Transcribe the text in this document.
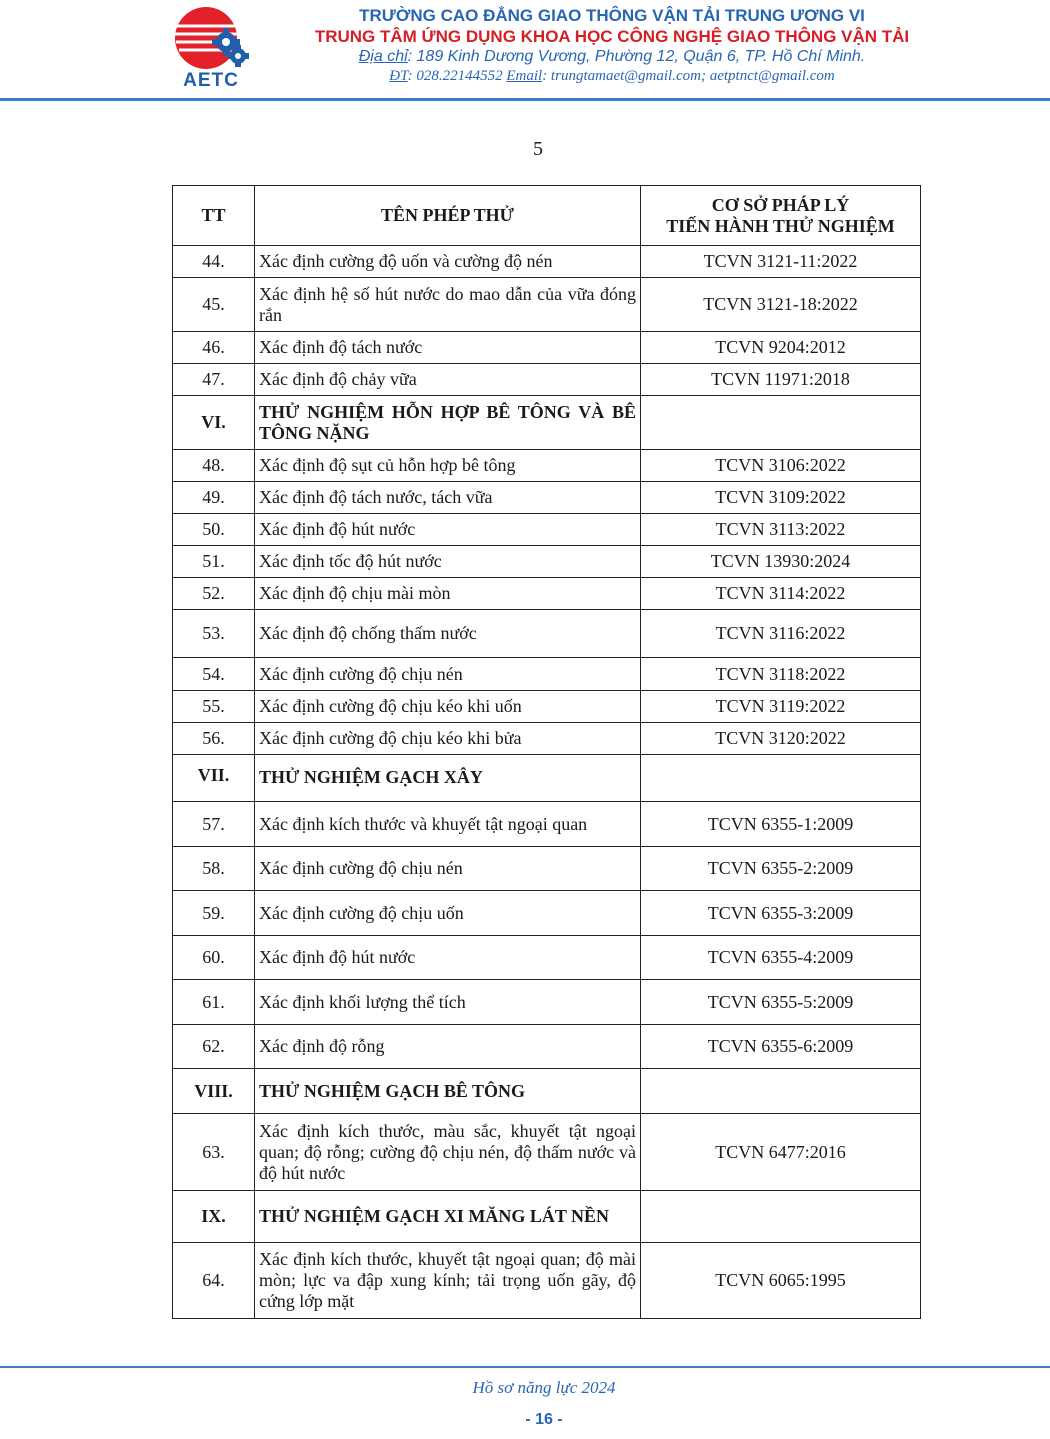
AETC
TRƯỜNG CAO ĐẲNG GIAO THÔNG VẬN TẢI TRUNG ƯƠNG VI
TRUNG TÂM ỨNG DỤNG KHOA HỌC CÔNG NGHỆ GIAO THÔNG VẬN TẢI
Địa chỉ: 189 Kinh Dương Vương, Phường 12, Quận 6, TP. Hồ Chí Minh.
ĐT: 028.22144552 Email: trungtamaet@gmail.com; aetptnct@gmail.com
5
TT	TÊN PHÉP THỬ	CƠ SỞ PHÁP LÝ
TIẾN HÀNH THỬ NGHIỆM
44.	Xác định cường độ uốn và cường độ nén	TCVN 3121-11:2022
45.	Xác định hệ số hút nước do mao dẫn của vữa đóng rắn	TCVN 3121-18:2022
46.	Xác định độ tách nước	TCVN 9204:2012
47.	Xác định độ chảy vữa	TCVN 11971:2018
VI.	THỬ NGHIỆM HỖN HỢP BÊ TÔNG VÀ BÊ TÔNG NẶNG	
48.	Xác định độ sụt củ hỗn hợp bê tông	TCVN 3106:2022
49.	Xác định độ tách nước, tách vữa	TCVN 3109:2022
50.	Xác định độ hút nước	TCVN 3113:2022
51.	Xác định tốc độ hút nước	TCVN 13930:2024
52.	Xác định độ chịu mài mòn	TCVN 3114:2022
53.	Xác định độ chống thấm nước	TCVN 3116:2022
54.	Xác định cường độ chịu nén	TCVN 3118:2022
55.	Xác định cường độ chịu kéo khi uốn	TCVN 3119:2022
56.	Xác định cường độ chịu kéo khi bửa	TCVN 3120:2022
VII.	THỬ NGHIỆM GẠCH XÂY	
57.	Xác định kích thước và khuyết tật ngoại quan	TCVN 6355-1:2009
58.	Xác định cường độ chịu nén	TCVN 6355-2:2009
59.	Xác định cường độ chịu uốn	TCVN 6355-3:2009
60.	Xác định độ hút nước	TCVN 6355-4:2009
61.	Xác định khối lượng thể tích	TCVN 6355-5:2009
62.	Xác định độ rỗng	TCVN 6355-6:2009
VIII.	THỬ NGHIỆM GẠCH BÊ TÔNG	
63.	Xác định kích thước, màu sắc, khuyết tật ngoại quan; độ rỗng; cường độ chịu nén, độ thấm nước và độ hút nước	TCVN 6477:2016
IX.	THỬ NGHIỆM GẠCH XI MĂNG LÁT NỀN	
64.	Xác định kích thước, khuyết tật ngoại quan; độ mài mòn; lực va đập xung kính; tải trọng uốn gãy, độ cứng lớp mặt	TCVN 6065:1995
Hồ sơ năng lực 2024
- 16 -
